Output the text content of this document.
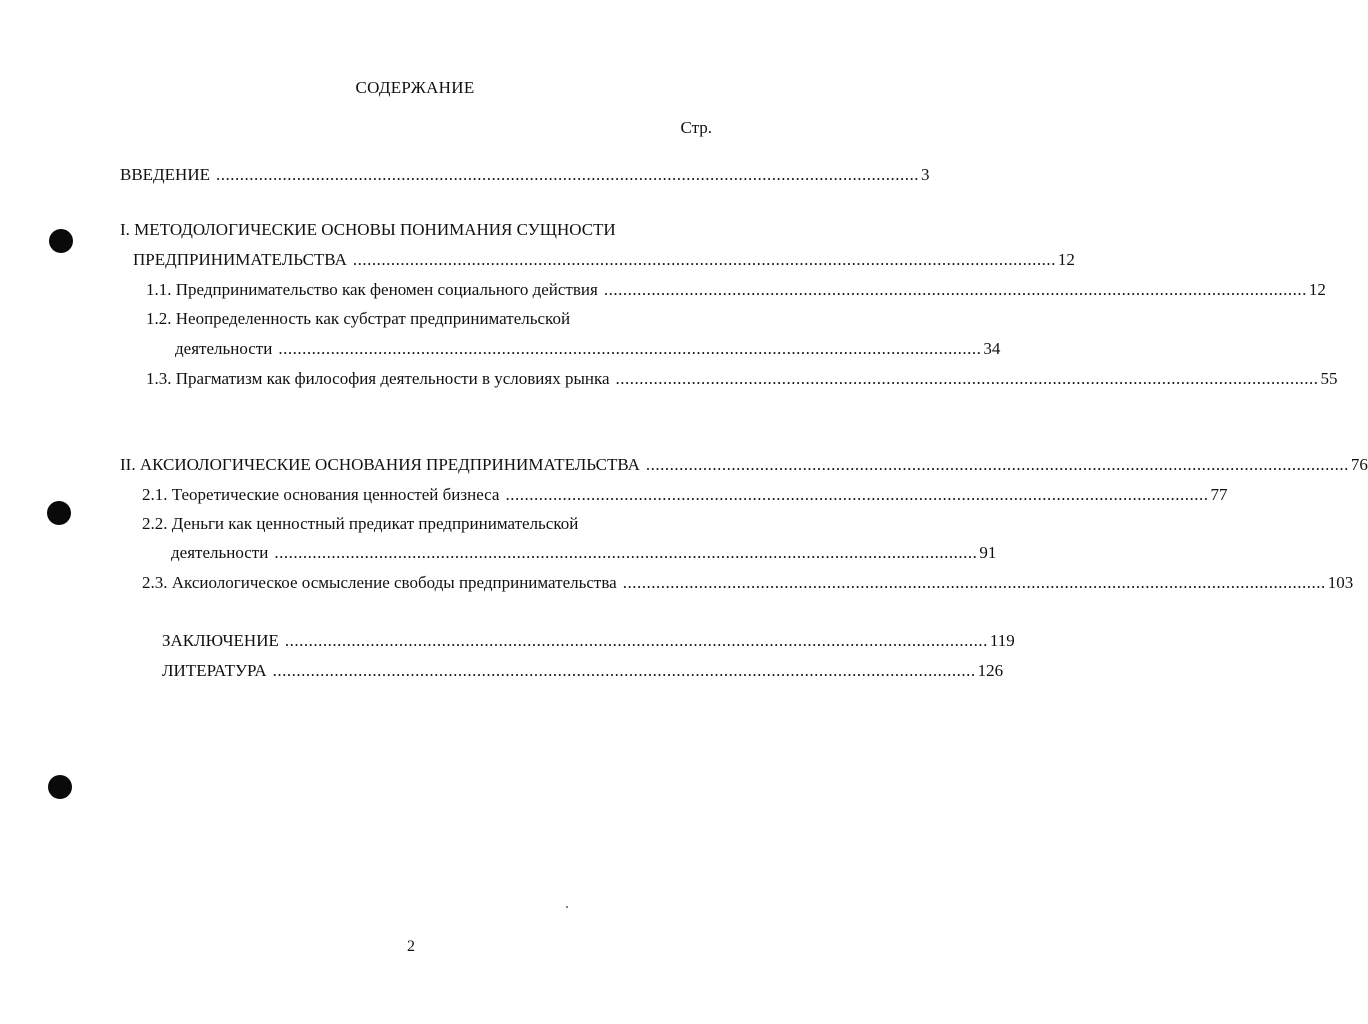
СОДЕРЖАНИЕ
Стр.
ВВЕДЕНИЕ .................................................................................................................................................... 3
I. МЕТОДОЛОГИЧЕСКИЕ ОСНОВЫ ПОНИМАНИЯ СУЩНОСТИ
ПРЕДПРИНИМАТЕЛЬСТВА .................................................................................................................................................... 12
1.1. Предпринимательство как феномен социального действия .................................................................................................................................................... 12
1.2. Неопределенность как субстрат предпринимательской
деятельности .................................................................................................................................................... 34
1.3. Прагматизм как философия деятельности в условиях рынка .................................................................................................................................................... 55
II. АКСИОЛОГИЧЕСКИЕ ОСНОВАНИЯ ПРЕДПРИНИМАТЕЛЬСТВА .................................................................................................................................................... 76
2.1. Теоретические основания ценностей бизнеса .................................................................................................................................................... 77
2.2. Деньги как ценностный предикат предпринимательской
деятельности .................................................................................................................................................... 91
2.3. Аксиологическое осмысление свободы предпринимательства .................................................................................................................................................... 103
ЗАКЛЮЧЕНИЕ .................................................................................................................................................... 119
ЛИТЕРАТУРА .................................................................................................................................................... 126
2
